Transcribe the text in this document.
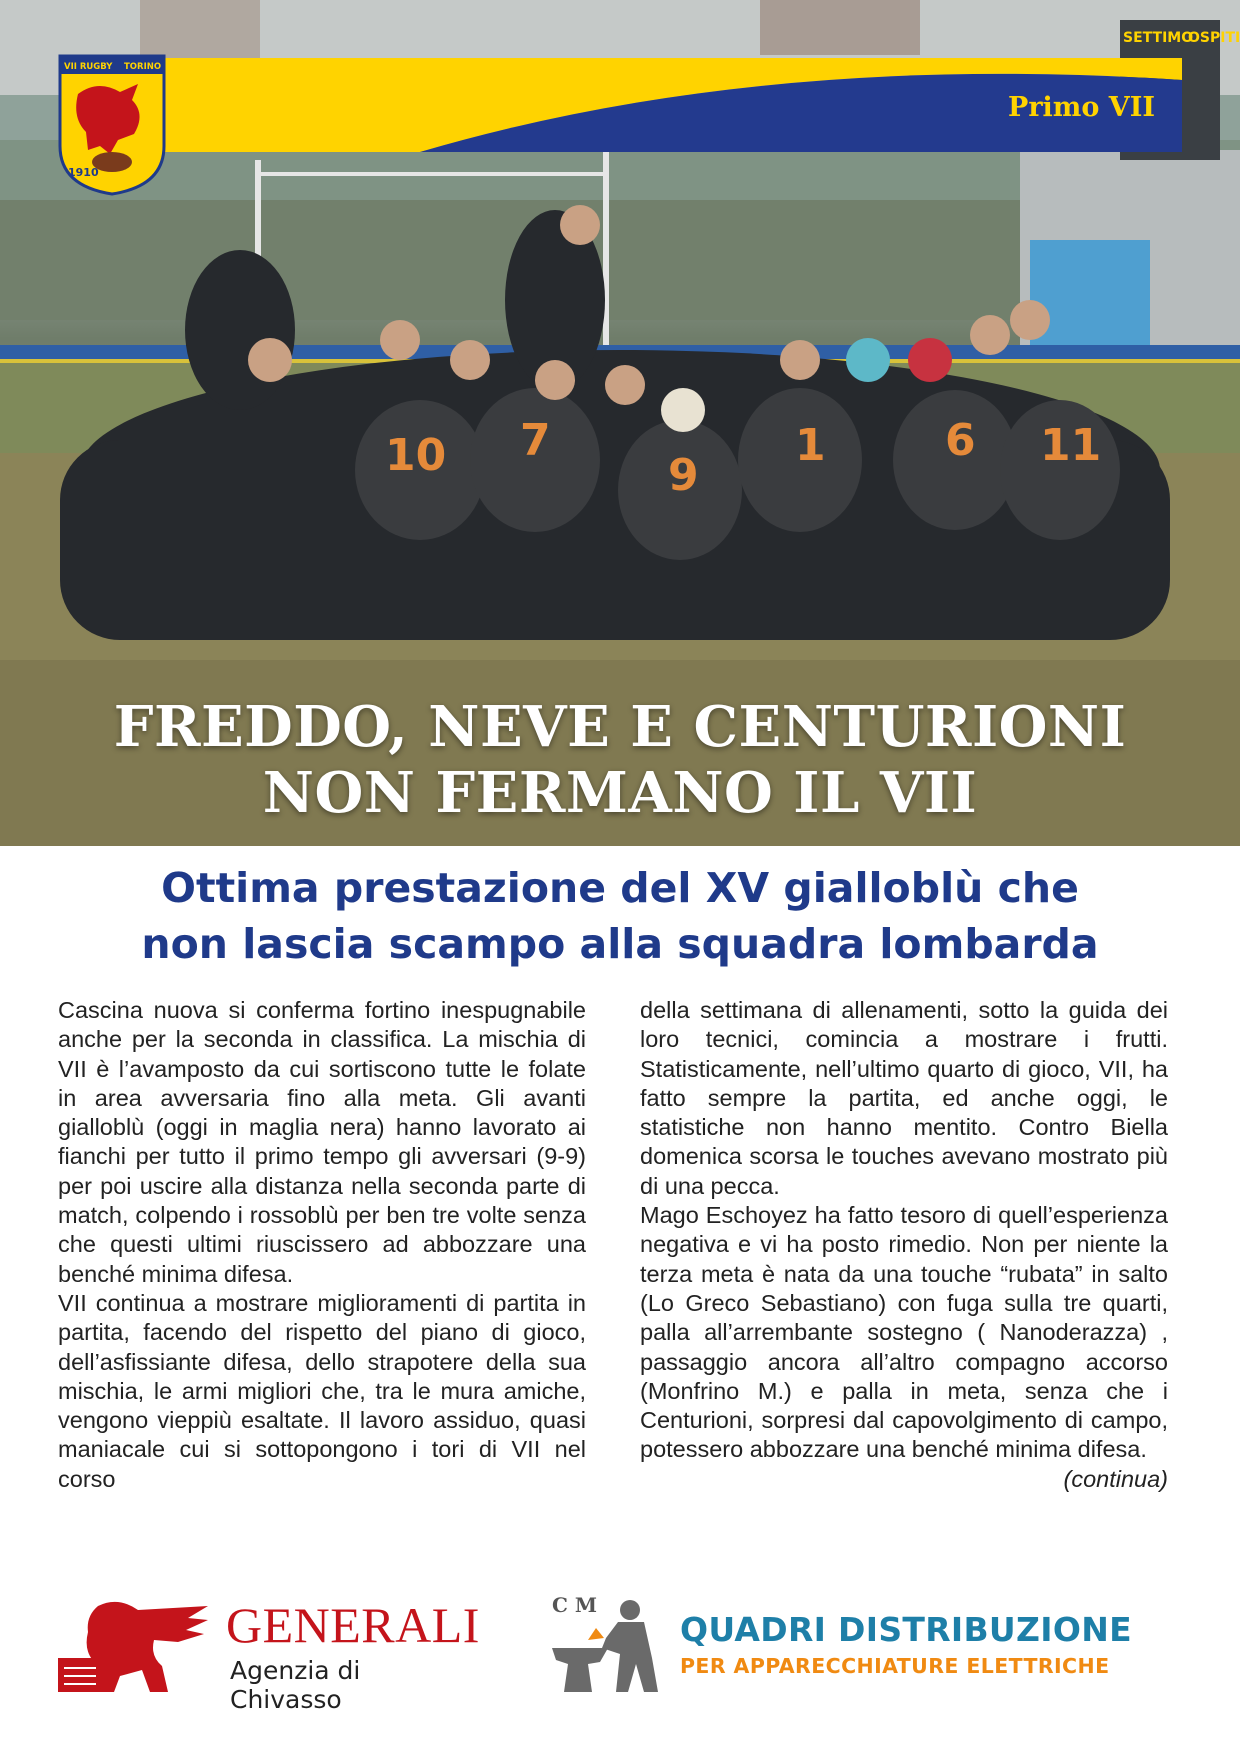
SETTIMO
OSPITI
10 7
9
1	6 11
Primo VII
VII RUGBY TORINO
1910
FREDDO, NEVE E CENTURIONI
NON FERMANO IL VII
Ottima prestazione del XV gialloblù che
non lascia scampo alla squadra lombarda

Cascina nuova si conferma fortino inespugnabile anche per la seconda in classifica. La mischia di VII è l’avamposto da cui sortiscono tutte le folate in area avversaria fino alla meta. Gli avanti gialloblù (oggi in maglia nera) hanno lavorato ai fianchi per tutto il primo tempo gli avversari (9-9) per poi uscire alla distanza nella seconda parte di match, colpendo i rossoblù per ben tre volte senza che questi ultimi riuscissero ad abbozzare una benché minima difesa.

VII continua a mostrare miglioramenti di partita in partita, facendo del rispetto del piano di gioco, dell’asfissiante difesa, dello strapotere della sua mischia, le armi migliori che, tra le mura amiche, vengono vieppiù esaltate. Il lavoro assiduo, quasi maniacale cui si sottopongono i tori di VII nel corso

della settimana di allenamenti, sotto la guida dei loro tecnici, comincia a mostrare i frutti. Statisticamente, nell’ultimo quarto di gioco, VII, ha fatto sempre la partita, ed anche oggi, le statistiche non hanno mentito. Contro Biella domenica scorsa le touches avevano mostrato più di una pecca.

Mago Eschoyez ha fatto tesoro di quell’esperienza negativa e vi ha posto rimedio. Non per niente la terza meta è nata da una touche “rubata” in salto (Lo Greco Sebastiano) con fuga sulla tre quarti, palla all’arrembante sostegno ( Nanoderazza) , passaggio ancora all’altro compagno accorso (Monfrino M.) e palla in meta, senza che i Centurioni, sorpresi dal capovolgimento di campo, potessero abbozzare una benché minima difesa.
(continua)

GENERALI
Agenzia di Chivasso
C M
QUADRI DISTRIBUZIONE
PER APPARECCHIATURE ELETTRICHE
